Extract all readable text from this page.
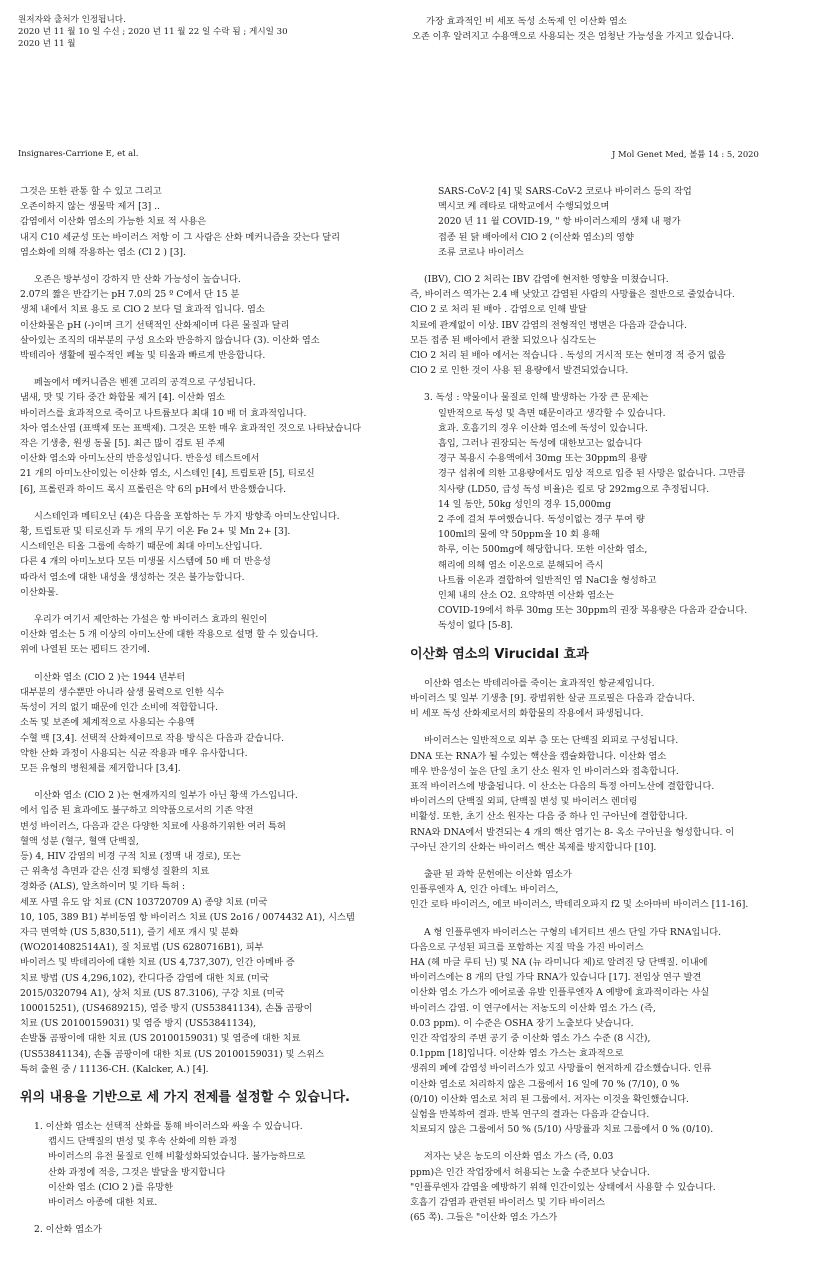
원저자와 출처가 인정됩니다.

2020 년 11 월 10 일 수신 ; 2020 년 11 월 22 일 수락 됨 ; 게시일 30

2020 년 11 월

가장 효과적인 비 세포 독성 소독제 인 이산화 염소

오존 이후 알려지고 수용액으로 사용되는 것은 엄청난 가능성을 가지고 있습니다.

Insignares-Carrione E, et al.	J Mol Genet Med, 볼륨 14 : 5, 2020

그것은 또한 관통 할 수 있고 그리고

오존이하지 않는 생물막 제거 [3] ..

감염에서 이산화 염소의 가능한 치료 적 사용은

내지 C10 세균성 또는 바이러스 저항 이 그 사람은 산화 메커니즘을 갖는다 달리

염소화에 의해 작용하는 염소 (Cl 2 ) [3].

오존은 방부성이 강하지 만 산화 가능성이 높습니다.

2.07의 짧은 반감기는 pH 7.0의 25 º C에서 단 15 분

생체 내에서 치료 용도 로 ClO 2 보다 덜 효과적 입니다. 염소

이산화물은 pH (-)이며 크기 선택적인 산화제이며 다른 물질과 달리

살아있는 조직의 대부분의 구성 요소와 반응하지 않습니다 (3). 이산화 염소

박테리아 생활에 필수적인 페놀 및 티올과 빠르게 반응합니다.

페놀에서 메커니즘은 벤젠 고리의 공격으로 구성됩니다.

냄새, 맛 및 기타 중간 화합물 제거 [4]. 이산화 염소

바이러스를 효과적으로 죽이고 나트륨보다 최대 10 배 더 효과적입니다.

차아 염소산염 (표백제 또는 표백제). 그것은 또한 매우 효과적인 것으로 나타났습니다

작은 기생충, 원생 동물 [5]. 최근 많이 검토 된 주제

이산화 염소와 아미노산의 반응성입니다. 반응성 테스트에서

21 개의 아미노산이있는 이산화 염소, 시스테인 [4], 트립토판 [5], 티로신

[6], 프롤린과 하이드 록시 프롤린은 약 6의 pH에서 반응했습니다.

시스테인과 메티오닌 (4)은 다음을 포함하는 두 가지 방향족 아미노산입니다.

황, 트립토판 및 티로신과 두 개의 무기 이온 Fe 2+ 및 Mn 2+ [3].

시스테인은 티올 그룹에 속하기 때문에 최대 아미노산입니다.

다른 4 개의 아미노보다 모든 미생물 시스템에 50 배 더 반응성

따라서 염소에 대한 내성을 생성하는 것은 불가능합니다.

이산화물.

우리가 여기서 제안하는 가설은 항 바이러스 효과의 원인이

이산화 염소는 5 개 이상의 아미노산에 대한 작용으로 설명 할 수 있습니다.

위에 나열된 또는 펩티드 잔기에.

이산화 염소 (ClO 2 )는 1944 년부터

대부분의 생수뿐만 아니라 살생 물력으로 인한 식수

독성이 거의 없기 때문에 인간 소비에 적합합니다.

소독 및 보존에 체계적으로 사용되는 수용액

수혈 백 [3,4]. 선택적 산화제이므로 작용 방식은 다음과 같습니다.

약한 산화 과정이 사용되는 식균 작용과 매우 유사합니다.

모든 유형의 병원체를 제거합니다 [3,4].

이산화 염소 (ClO 2 )는 현재까지의 일부가 아닌 황색 가스입니다.

에서 입증 된 효과에도 불구하고 의약품으로서의 기존 약전

변성 바이러스, 다음과 같은 다양한 치료에 사용하기위한 여러 특허

혈액 성분 (혈구, 혈액 단백질,

등) 4, HIV 감염의 비경 구적 치료 (정맥 내 경로), 또는

근 위축성 측면과 같은 신경 퇴행성 질환의 치료

경화증 (ALS), 알츠하이머 및 기타 특허 :

세포 사멸 유도 암 치료 (CN 103720709 A) 종양 치료 (미국

10, 105, 389 B1) 부비동염 항 바이러스 치료 (US 2o16 / 0074432 A1), 시스템

자극 면역학 (US 5,830,511), 즐기 세포 개시 및 분화

(WO2014082514A1), 질 치료법 (US 6280716B1), 피부

바이러스 및 박테리아에 대한 치료 (US 4,737,307), 인간 아메바 증

치료 방법 (US 4,296,102), 칸디다증 감염에 대한 치료 (미국

2015/0320794 A1), 상처 치료 (US 87.3106), 구강 치료 (미국

100015251), (US4689215), 염증 방지 (US53841134), 손톱 곰팡이

치료 (US 20100159031) 및 염증 방지 (US53841134),

손발톱 곰팡이에 대한 치료 (US 20100159031) 및 염증에 대한 치료

(US53841134), 손톱 곰팡이에 대한 치료 (US 20100159031) 및 스위스

특허 출원 중 / 11136-CH. (Kalcker, A.) [4].

위의 내용을 기반으로 세 가지 전제를 설정할 수 있습니다.

1. 이산화 염소는 선택적 산화를 통해 바이러스와 싸울 수 있습니다.

캡시드 단백질의 변성 및 후속 산화에 의한 과정

바이러스의 유전 물질로 인해 비활성화되었습니다. 불가능하므로

산화 과정에 적응, 그것은 발달을 방지합니다

이산화 염소 (ClO 2 )를 유망한

바이러스 아종에 대한 치료.

2. 이산화 염소가

SARS-CoV-2 [4] 및 SARS-CoV-2 코로나 바이러스 등의 작업

멕시코 케 레타로 대학교에서 수행되었으며

2020 년 11 월 COVID-19, " 항 바이러스제의 생체 내 평가

접종 된 닭 배아에서 ClO 2 (이산화 염소)의 영향

조류 코로나 바이러스

(IBV), ClO 2 처리는 IBV 감염에 현저한 영향을 미쳤습니다.

즉, 바이러스 역가는 2.4 배 낮았고 감염된 사람의 사망률은 절반으로 줄었습니다.

ClO 2 로 처리 된 배아 . 감염으로 인해 발달

치료에 관계없이 이상. IBV 감염의 전형적인 병변은 다음과 같습니다.

모든 접종 된 배아에서 관찰 되었으나 심각도는

ClO 2 처리 된 배아 에서는 적습니다 . 독성의 거시적 또는 현미경 적 증거 없음

ClO 2 로 인한 것이 사용 된 용량에서 발견되었습니다.

3. 독성 : 약물이나 물질로 인해 발생하는 가장 큰 문제는

일반적으로 독성 및 측면 때문이라고 생각할 수 있습니다.

효과. 호흡기의 경우 이산화 염소에 독성이 있습니다.

흡입, 그러나 권장되는 독성에 대한보고는 없습니다

경구 복용시 수용액에서 30mg 또는 30ppm의 용량

경구 섭취에 의한 고용량에서도 임상 적으로 입증 된 사망은 없습니다. 그만큼

치사량 (LD50, 급성 독성 비율)은 킬로 당 292mg으로 추정됩니다.

14 일 동안, 50kg 성인의 경우 15,000mg

2 주에 걸쳐 투여했습니다. 독성이없는 경구 투여 량

100ml의 물에 약 50ppm을 10 회 용해

하루, 이는 500mg에 해당합니다. 또한 이산화 염소,

해리에 의해 염소 이온으로 분해되어 즉시

나트륨 이온과 결합하여 일반적인 염 NaCl을 형성하고

인체 내의 산소 O2. 요약하면 이산화 염소는

COVID-19에서 하루 30mg 또는 30ppm의 권장 복용량은 다음과 같습니다.

독성이 없다 [5-8].

이산화 염소의 Virucidal 효과

이산화 염소는 박테리아를 죽이는 효과적인 항균제입니다.

바이러스 및 일부 기생충 [9]. 광범위한 살균 프로필은 다음과 같습니다.

비 세포 독성 산화제로서의 화합물의 작용에서 파생됩니다.

바이러스는 일반적으로 외부 층 또는 단백질 외피로 구성됩니다.

DNA 또는 RNA가 될 수있는 핵산을 캡슐화합니다. 이산화 염소

매우 반응성이 높은 단일 초기 산소 원자 인 바이러스와 접촉합니다.

표적 바이러스에 방출됩니다. 이 산소는 다음의 특정 아미노산에 결합합니다.

바이러스의 단백질 외피, 단백질 변성 및 바이러스 렌더링

비활성. 또한, 초기 산소 원자는 다음 중 하나 인 구아닌에 결합합니다.

RNA와 DNA에서 발견되는 4 개의 핵산 염기는 8- 옥소 구아닌을 형성합니다. 이

구아닌 잔기의 산화는 바이러스 핵산 복제를 방지합니다 [10].

출판 된 과학 문헌에는 이산화 염소가

인플루엔자 A, 인간 아데노 바이러스,

인간 로타 바이러스, 에코 바이러스, 박테리오파지 f2 및 소아마비 바이러스 [11-16].

A 형 인플루엔자 바이러스는 구형의 네거티브 센스 단일 가닥 RNA입니다.

다음으로 구성된 피크를 포함하는 지질 막을 가진 바이러스

HA (헤 마글 루티 닌) 및 NA (뉴 라미니다 제)로 알려진 당 단백질. 이내에

바이러스에는 8 개의 단일 가닥 RNA가 있습니다 [17]. 전임상 연구 발견

이산화 염소 가스가 에어로졸 유발 인플루엔자 A 예방에 효과적이라는 사실

바이러스 감염. 이 연구에서는 저농도의 이산화 염소 가스 (즉,

0.03 ppm). 이 수준은 OSHA 장기 노출보다 낮습니다.

인간 작업장의 주변 공기 중 이산화 염소 가스 수준 (8 시간),

0.1ppm [18]입니다. 이산화 염소 가스는 효과적으로

생쥐의 폐에 감염성 바이러스가 있고 사망률이 현저하게 감소했습니다. 인류

이산화 염소로 처리하지 않은 그룹에서 16 일에 70 % (7/10), 0 %

(0/10) 이산화 염소로 처리 된 그룹에서. 저자는 이것을 확인했습니다.

실험을 반복하여 결과. 반복 연구의 결과는 다음과 같습니다.

치료되지 않은 그룹에서 50 % (5/10) 사망률과 치료 그룹에서 0 % (0/10).

저자는 낮은 농도의 이산화 염소 가스 (즉, 0.03

ppm)은 인간 작업장에서 허용되는 노출 수준보다 낮습니다.

"인플루엔자 감염을 예방하기 위해 인간이있는 상태에서 사용할 수 있습니다.

호흡기 감염과 관련된 바이러스 및 기타 바이러스

(65 쪽). 그들은 "이산화 염소 가스가
